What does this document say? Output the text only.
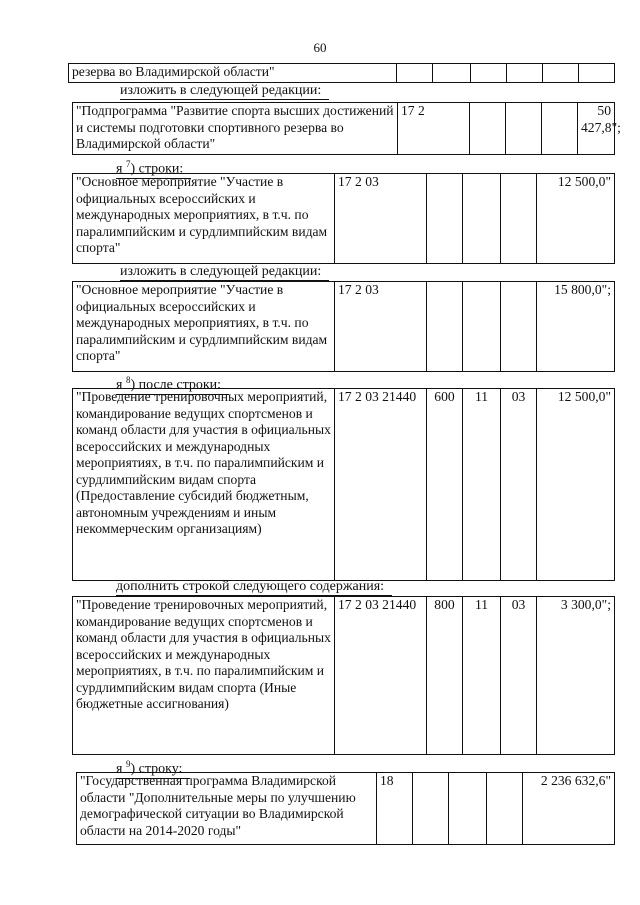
60
резерва во Владимирской области"						
изложить в следующей редакции:
"Подпрограмма "Развитие спорта высших достижений и системы подготовки спортивного резерва во Владимирской области"	17 2				50 427,8";
я $^7$) строки:
"Основное мероприятие "Участие в официальных всероссийских и международных мероприятиях, в т.ч. по паралимпийским и сурдлимпийским видам спорта"	17 2 03				12 500,0"
изложить в следующей редакции:
"Основное мероприятие "Участие в официальных всероссийских и международных мероприятиях, в т.ч. по паралимпийским и сурдлимпийским видам спорта"	17 2 03				15 800,0";
я $^8$) после строки:
"Проведение тренировочных мероприятий, командирование ведущих спортсменов и команд области для участия в официальных всероссийских и международных мероприятиях, в т.ч. по паралимпийским и сурдлимпийским видам спорта (Предоставление субсидий бюджетным, автономным учреждениям и иным некоммерческим организациям)	17 2 03 21440	600	11	03	12 500,0"
дополнить строкой следующего содержания:
"Проведение тренировочных мероприятий, командирование ведущих спортсменов и команд области для участия в официальных всероссийских и международных мероприятиях, в т.ч. по паралимпийским и сурдлимпийским видам спорта (Иные бюджетные ассигнования)	17 2 03 21440	800	11	03	3 300,0";
я $^9$) строку:
"Государственная программа Владимирской области "Дополнительные меры по улучшению демографической ситуации во Владимирской области на 2014-2020 годы"	18				2 236 632,6"
